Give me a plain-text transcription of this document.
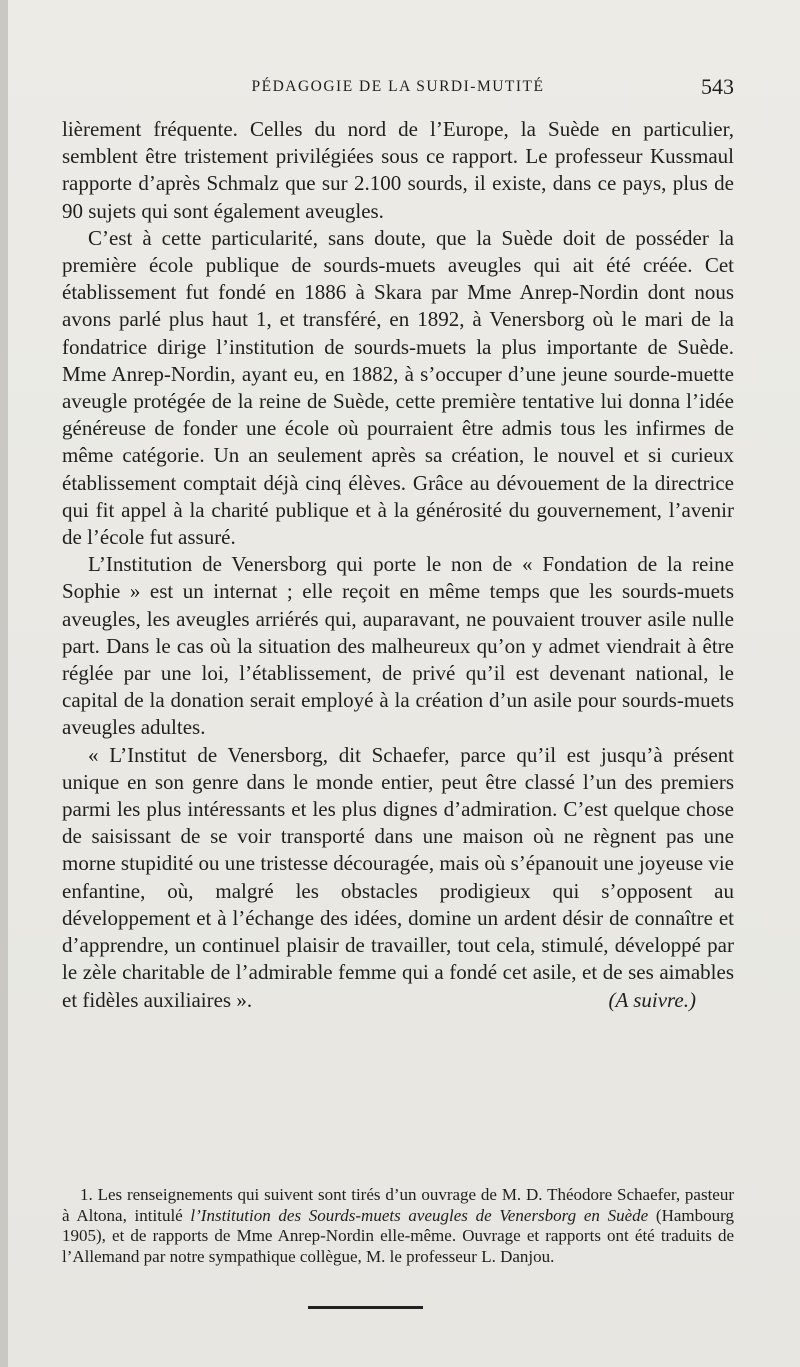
PÉDAGOGIE DE LA SURDI-MUTITÉ	543

lièrement fréquente. Celles du nord de l’Europe, la Suède en particulier, semblent être tristement privilégiées sous ce rapport. Le professeur Kussmaul rapporte d’après Schmalz que sur 2.100 sourds, il existe, dans ce pays, plus de 90 sujets qui sont également aveugles.

C’est à cette particularité, sans doute, que la Suède doit de posséder la première école publique de sourds-muets aveugles qui ait été créée. Cet établissement fut fondé en 1886 à Skara par Mme Anrep-Nordin dont nous avons parlé plus haut 1, et transféré, en 1892, à Venersborg où le mari de la fondatrice dirige l’institution de sourds-muets la plus importante de Suède. Mme Anrep-Nordin, ayant eu, en 1882, à s’occuper d’une jeune sourde-muette aveugle protégée de la reine de Suède, cette première tentative lui donna l’idée généreuse de fonder une école où pourraient être admis tous les infirmes de même catégorie. Un an seulement après sa création, le nouvel et si curieux établissement comptait déjà cinq élèves. Grâce au dévouement de la directrice qui fit appel à la charité publique et à la générosité du gouvernement, l’avenir de l’école fut assuré.

L’Institution de Venersborg qui porte le non de « Fondation de la reine Sophie » est un internat ; elle reçoit en même temps que les sourds-muets aveugles, les aveugles arriérés qui, auparavant, ne pouvaient trouver asile nulle part. Dans le cas où la situation des malheureux qu’on y admet viendrait à être réglée par une loi, l’établissement, de privé qu’il est devenant national, le capital de la donation serait employé à la création d’un asile pour sourds-muets aveugles adultes.

« L’Institut de Venersborg, dit Schaefer, parce qu’il est jusqu’à présent unique en son genre dans le monde entier, peut être classé l’un des premiers parmi les plus intéressants et les plus dignes d’admiration. C’est quelque chose de saisissant de se voir transporté dans une maison où ne règnent pas une morne stupidité ou une tristesse découragée, mais où s’épanouit une joyeuse vie enfantine, où, malgré les obstacles prodigieux qui s’opposent au développement et à l’échange des idées, domine un ardent désir de connaître et d’apprendre, un continuel plaisir de travailler, tout cela, stimulé, développé par le zèle charitable de l’admirable femme qui a fondé cet asile, et de ses aimables et fidèles auxiliaires ».	(A suivre.)

1. Les renseignements qui suivent sont tirés d’un ouvrage de M. D. Théodore Schaefer, pasteur à Altona, intitulé l’Institution des Sourds-muets aveugles de Venersborg en Suède (Hambourg 1905), et de rapports de Mme Anrep-Nordin elle-même. Ouvrage et rapports ont été traduits de l’Allemand par notre sympathique collègue, M. le professeur L. Danjou.
